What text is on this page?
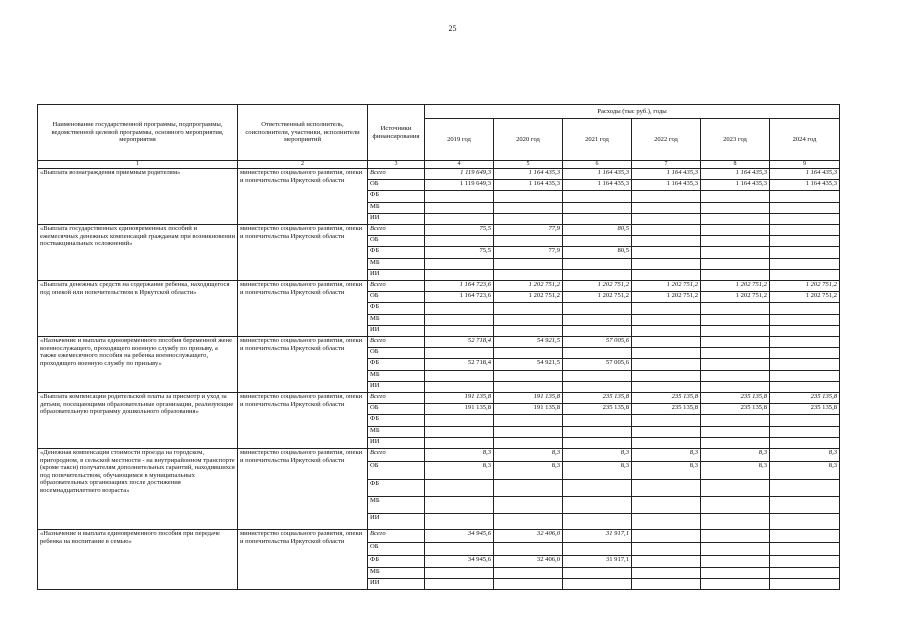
25
Наименование государственной программы, подпрограммы, ведомственной целевой программы, основного мероприятия, мероприятия	Ответственный исполнитель, соисполнители, участники, исполнители мероприятий	Источники финансирования	Расходы (тыс руб.), годы					
			2019 год	2020 год	2021 год	2022 год	2023 год	2024 год
1	2	3	4	5	6	7	8	9
«Выплата вознаграждения приемным родителям»	министерство социального развития, опеки и попечительства Иркутской области	Всего	1 119 649,3	1 164 435,3	1 164 435,3	1 164 435,3	1 164 435,3	1 164 435,3
		ОБ	1 119 649,3	1 164 435,3	1 164 435,3	1 164 435,3	1 164 435,3	1 164 435,3
		ФБ						
		МБ						
		ИИ						
«Выплата государственных единовременных пособий и ежемесячных денежных компенсаций гражданам при возникновении поствакцинальных осложнений»	министерство социального развития, опеки и попечительства Иркутской области	Всего	75,5	77,9	80,5			
		ОБ						
		ФБ	75,5	77,9	80,5			
		МБ						
		ИИ						
«Выплата денежных средств на содержание ребенка, находящегося под опекой или попечительством в Иркутской области»	министерство социального развития, опеки и попечительства Иркутской области	Всего	1 164 723,6	1 202 751,2	1 202 751,2	1 202 751,2	1 202 751,2	1 202 751,2
		ОБ	1 164 723,6	1 202 751,2	1 202 751,2	1 202 751,2	1 202 751,2	1 202 751,2
		ФБ						
		МБ						
		ИИ						
«Назначение и выплата единовременного пособия беременной жене военнослужащего, проходящего военную службу по призыву, а также ежемесячного пособия на ребенка военнослужащего, проходящего военную службу по призыву»	министерство социального развития, опеки и попечительства Иркутской области	Всего	52 718,4	54 921,5	57 005,6			
		ОБ						
		ФБ	52 718,4	54 921,5	57 005,6			
		МБ						
		ИИ						
«Выплата компенсации родительской платы за присмотр и уход за детьми, посещающими образовательные организации, реализующие образовательную программу дошкольного образования»	министерство социального развития, опеки и попечительства Иркутской области	Всего	191 135,8	191 135,8	235 135,8	235 135,8	235 135,8	235 135,8
		ОБ	191 135,8	191 135,8	235 135,8	235 135,8	235 135,8	235 135,8
		ФБ						
		МБ						
		ИИ						
«Денежная компенсация стоимости проезда на городском, пригородном, в сельской местности - на внутрирайонном транспорте (кроме такси) получателям дополнительных гарантий, находившихся под попечительством, обучающимся в муниципальных образовательных организациях после достижения восемнадцатилетнего возраста»	министерство социального развития, опеки и попечительства Иркутской области	Всего	8,3	8,3	8,3	8,3	8,3	8,3
		ОБ	8,3	8,3	8,3	8,3	8,3	8,3
		ФБ						
		МБ						
		ИИ						
«Назначение и выплата единовременного пособия при передаче ребенка на воспитание в семью»	министерство социального развития, опеки и попечительства Иркутской области	Всего	34 945,6	32 406,0	31 917,1			
		ОБ						
		ФБ	34 945,6	32 406,0	31 917,1			
		МБ						
		ИИ						
